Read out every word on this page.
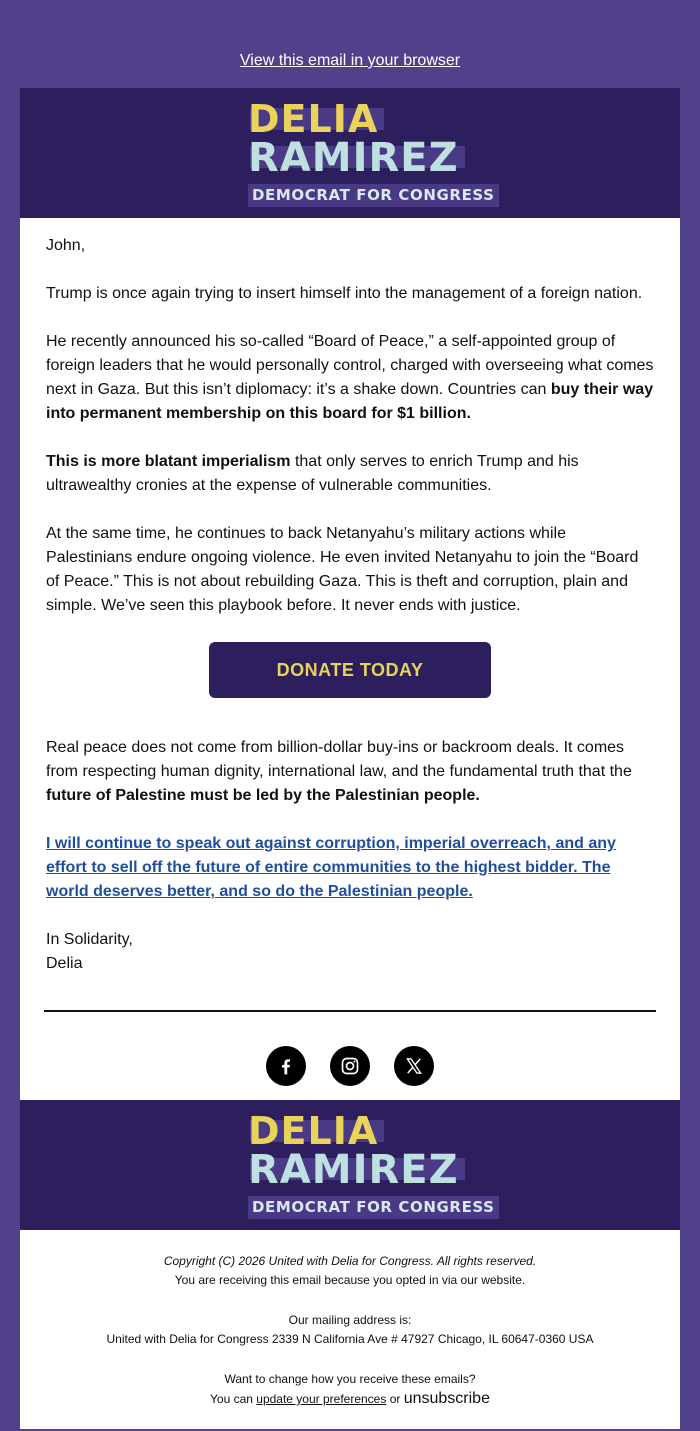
View this email in your browser
DELIA
RAMIREZ
DEMOCRAT FOR CONGRESS

John,

Trump is once again trying to insert himself into the management of a foreign nation.

He recently announced his so-called “Board of Peace,” a self-appointed group of foreign leaders that he would personally control, charged with overseeing what comes next in Gaza. But this isn’t diplomacy: it’s a shake down. Countries can buy their way into permanent membership on this board for $1 billion.

This is more blatant imperialism that only serves to enrich Trump and his ultrawealthy cronies at the expense of vulnerable communities.

At the same time, he continues to back Netanyahu’s military actions while Palestinians endure ongoing violence. He even invited Netanyahu to join the “Board of Peace.” This is not about rebuilding Gaza. This is theft and corruption, plain and simple. We’ve seen this playbook before. It never ends with justice.

DONATE TODAY

Real peace does not come from billion-dollar buy-ins or backroom deals. It comes from respecting human dignity, international law, and the fundamental truth that the future of Palestine must be led by the Palestinian people.

I will continue to speak out against corruption, imperial overreach, and any effort to sell off the future of entire communities to the highest bidder. The world deserves better, and so do the Palestinian people.

In Solidarity,
Delia

DELIA
RAMIREZ
DEMOCRAT FOR CONGRESS
Copyright (C) 2026 United with Delia for Congress. All rights reserved.
You are receiving this email because you opted in via our website.
Our mailing address is:
United with Delia for Congress 2339 N California Ave # 47927 Chicago, IL 60647-0360 USA
Want to change how you receive these emails?
You can update your preferences or unsubscribe
